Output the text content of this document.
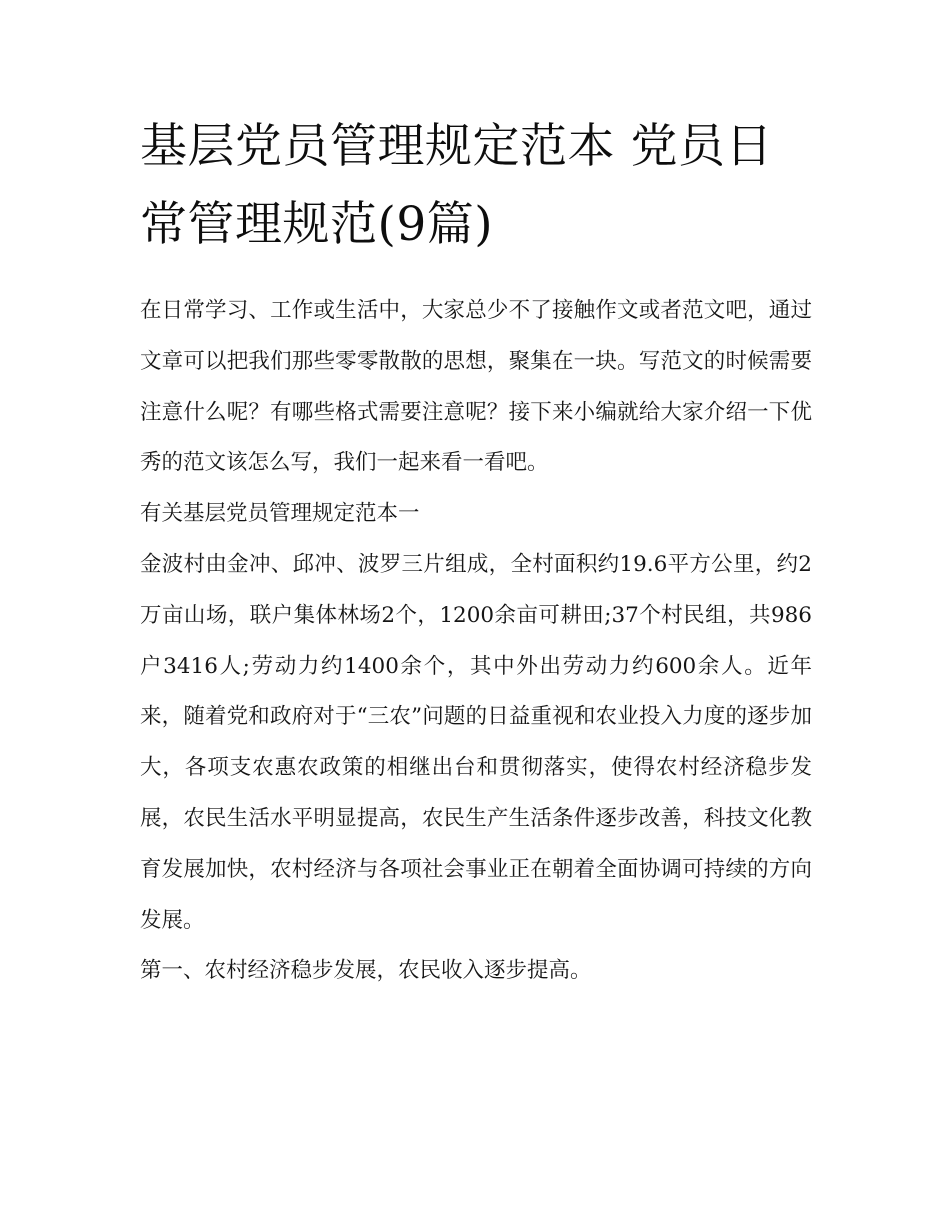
基层党员管理规定范本 党员日常管理规范(9篇)

在日常学习、工作或生活中，大家总少不了接触作文或者范文吧，通过文章可以把我们那些零零散散的思想，聚集在一块。写范文的时候需要注意什么呢？有哪些格式需要注意呢？接下来小编就给大家介绍一下优秀的范文该怎么写，我们一起来看一看吧。

有关基层党员管理规定范本一

金波村由金冲、邱冲、波罗三片组成，全村面积约19.6平方公里，约2万亩山场，联户集体林场2个，1200余亩可耕田;37个村民组，共986户3416人;劳动力约1400余个，其中外出劳动力约600余人。近年来，随着党和政府对于“三农”问题的日益重视和农业投入力度的逐步加大，各项支农惠农政策的相继出台和贯彻落实，使得农村经济稳步发展，农民生活水平明显提高，农民生产生活条件逐步改善，科技文化教育发展加快，农村经济与各项社会事业正在朝着全面协调可持续的方向发展。

第一、农村经济稳步发展，农民收入逐步提高。
